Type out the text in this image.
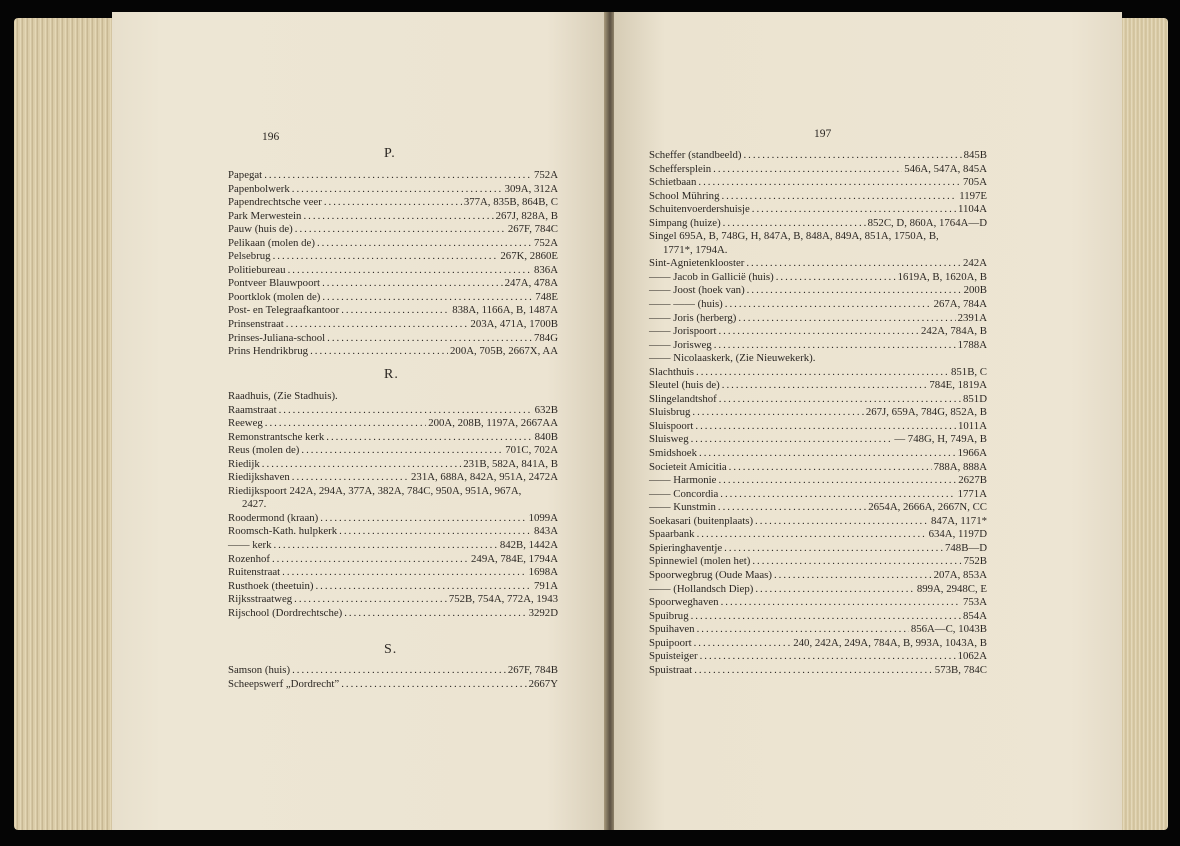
196
P.
Papegat .....	752A
Papenbolwerk .....	309A, 312A
Papendrechtsche veer .....	377A, 835B, 864B, C
Park Merwestein .....	267J, 828A, B
Pauw (huis de) .....	267F, 784C
Pelikaan (molen de) .....	752A
Pelsebrug .....	267K, 2860E
Politiebureau .....	836A
Pontveer Blauwpoort .....	247A, 478A
Poortklok (molen de) .....	748E
Post- en Telegraafkantoor .....	838A, 1166A, B, 1487A
Prinsenstraat .....	203A, 471A, 1700B
Prinses-Juliana-school .....	784G
Prins Hendrikbrug .....	200A, 705B, 2667X, AA
R.
Raadhuis, (Zie Stadhuis).
Raamstraat .....	632B
Reeweg .....	200A, 208B, 1197A, 2667AA
Remonstrantsche kerk .....	840B
Reus (molen de) .....	701C, 702A
Riedijk .....	231B, 582A, 841A, B
Riedijkshaven .....	231A, 688A, 842A, 951A, 2472A
Riedijkspoort 242A, 294A, 377A, 382A, 784C, 950A, 951A, 967A,
2427.
Roodermond (kraan) .....	1099A
Roomsch-Kath. hulpkerk .....	843A
—— kerk .....	842B, 1442A
Rozenhof .....	249A, 784E, 1794A
Ruitenstraat .....	1698A
Rusthoek (theetuin) .....	791A
Rijksstraatweg .....	752B, 754A, 772A, 1943
Rijschool (Dordrechtsche) .....	3292D
S.
Samson (huis) .....	267F, 784B
Scheepswerf „Dordrecht” .....	2667Y
197
Scheffer (standbeeld) .....	845B
Scheffersplein .....	546A, 547A, 845A
Schietbaan .....	705A
School Mühring .....	1197E
Schuitenvoerdershuisje .....	1104A
Simpang (huize) .....	852C, D, 860A, 1764A—D
Singel 695A, B, 748G, H, 847A, B, 848A, 849A, 851A, 1750A, B,
1771*, 1794A.
Sint-Agnietenklooster .....	242A
—— Jacob in Gallicië (huis) .....	1619A, B, 1620A, B
—— Joost (hoek van) .....	200B
—— —— (huis) .....	267A, 784A
—— Joris (herberg) .....	2391A
—— Jorispoort .....	242A, 784A, B
—— Jorisweg .....	1788A
—— Nicolaaskerk, (Zie Nieuwekerk).
Slachthuis .....	851B, C
Sleutel (huis de) .....	784E, 1819A
Slingelandtshof .....	851D
Sluisbrug .....	267J, 659A, 784G, 852A, B
Sluispoort .....	1011A
Sluisweg .....	— 748G, H, 749A, B
Smidshoek .....	1966A
Societeit Amicitia .....	788A, 888A
—— Harmonie .....	2627B
—— Concordia .....	1771A
—— Kunstmin .....	2654A, 2666A, 2667N, CC
Soekasari (buitenplaats) .....	847A, 1171*
Spaarbank .....	634A, 1197D
Spieringhaventje .....	748B—D
Spinnewiel (molen het) .....	752B
Spoorwegbrug (Oude Maas) .....	207A, 853A
—— (Hollandsch Diep) .....	899A, 2948C, E
Spoorweghaven .....	753A
Spuibrug .....	854A
Spuihaven .....	856A—C, 1043B
Spuipoort .....	240, 242A, 249A, 784A, B, 993A, 1043A, B
Spuisteiger .....	1062A
Spuistraat .....	573B, 784C
